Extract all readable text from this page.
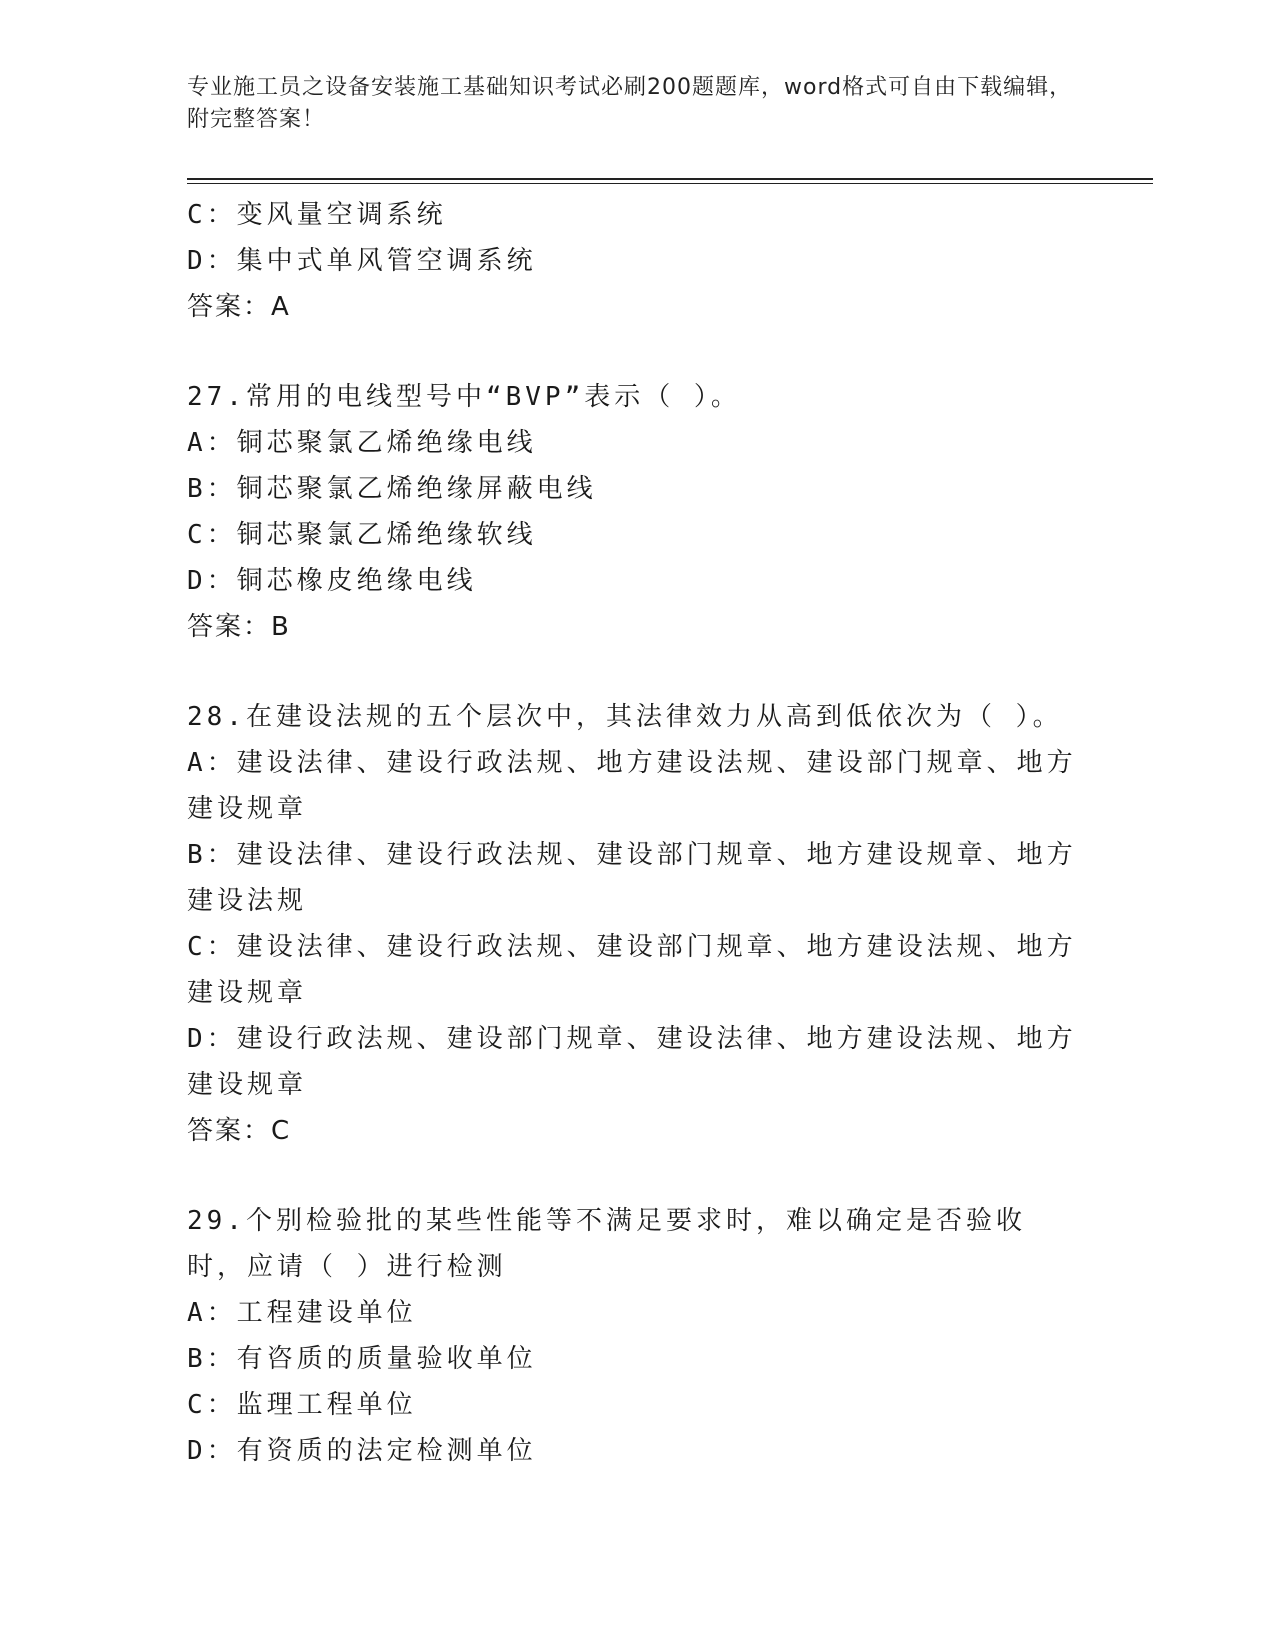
专业施工员之设备安装施工基础知识考试必刷200题题库，word格式可自由下载编辑，附完整答案！
C：变风量空调系统
D：集中式单风管空调系统
答案：A
27.常用的电线型号中“BVP”表示（ ）。
A：铜芯聚氯乙烯绝缘电线
B：铜芯聚氯乙烯绝缘屏蔽电线
C：铜芯聚氯乙烯绝缘软线
D：铜芯橡皮绝缘电线
答案：B
28.在建设法规的五个层次中，其法律效力从高到低依次为（ ）。
A：建设法律、建设行政法规、地方建设法规、建设部门规章、地方建设规章
B：建设法律、建设行政法规、建设部门规章、地方建设规章、地方建设法规
C：建设法律、建设行政法规、建设部门规章、地方建设法规、地方建设规章
D：建设行政法规、建设部门规章、建设法律、地方建设法规、地方建设规章
答案：C
29.个别检验批的某些性能等不满足要求时，难以确定是否验收时，应请（ ）进行检测
A：工程建设单位
B：有咨质的质量验收单位
C：监理工程单位
D：有资质的法定检测单位
